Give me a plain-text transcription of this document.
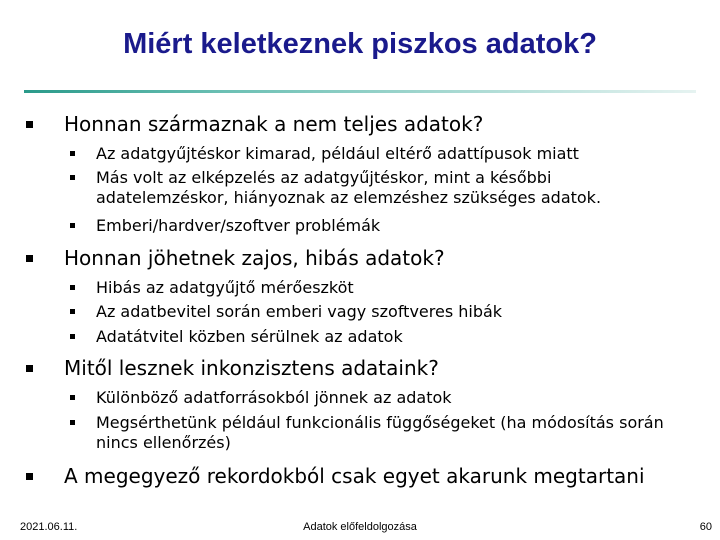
Miért keletkeznek piszkos adatok?
Honnan származnak a nem teljes adatok?
Az adatgyűjtéskor kimarad, például eltérő adattípusok miatt
Más volt az elképzelés az adatgyűjtéskor, mint a későbbi adatelemzéskor, hiányoznak az elemzéshez szükséges adatok.
Emberi/hardver/szoftver problémák
Honnan jöhetnek zajos, hibás adatok?
Hibás az adatgyűjtő mérőeszköt
Az adatbevitel során emberi vagy szoftveres hibák
Adatátvitel közben sérülnek az adatok
Mitől lesznek inkonzisztens adataink?
Különböző adatforrásokból jönnek az adatok
Megsérthetünk például funkcionális függőségeket (ha módosítás során nincs ellenőrzés)
A megegyező rekordokból csak egyet akarunk megtartani
2021.06.11.	Adatok előfeldolgozása	60
